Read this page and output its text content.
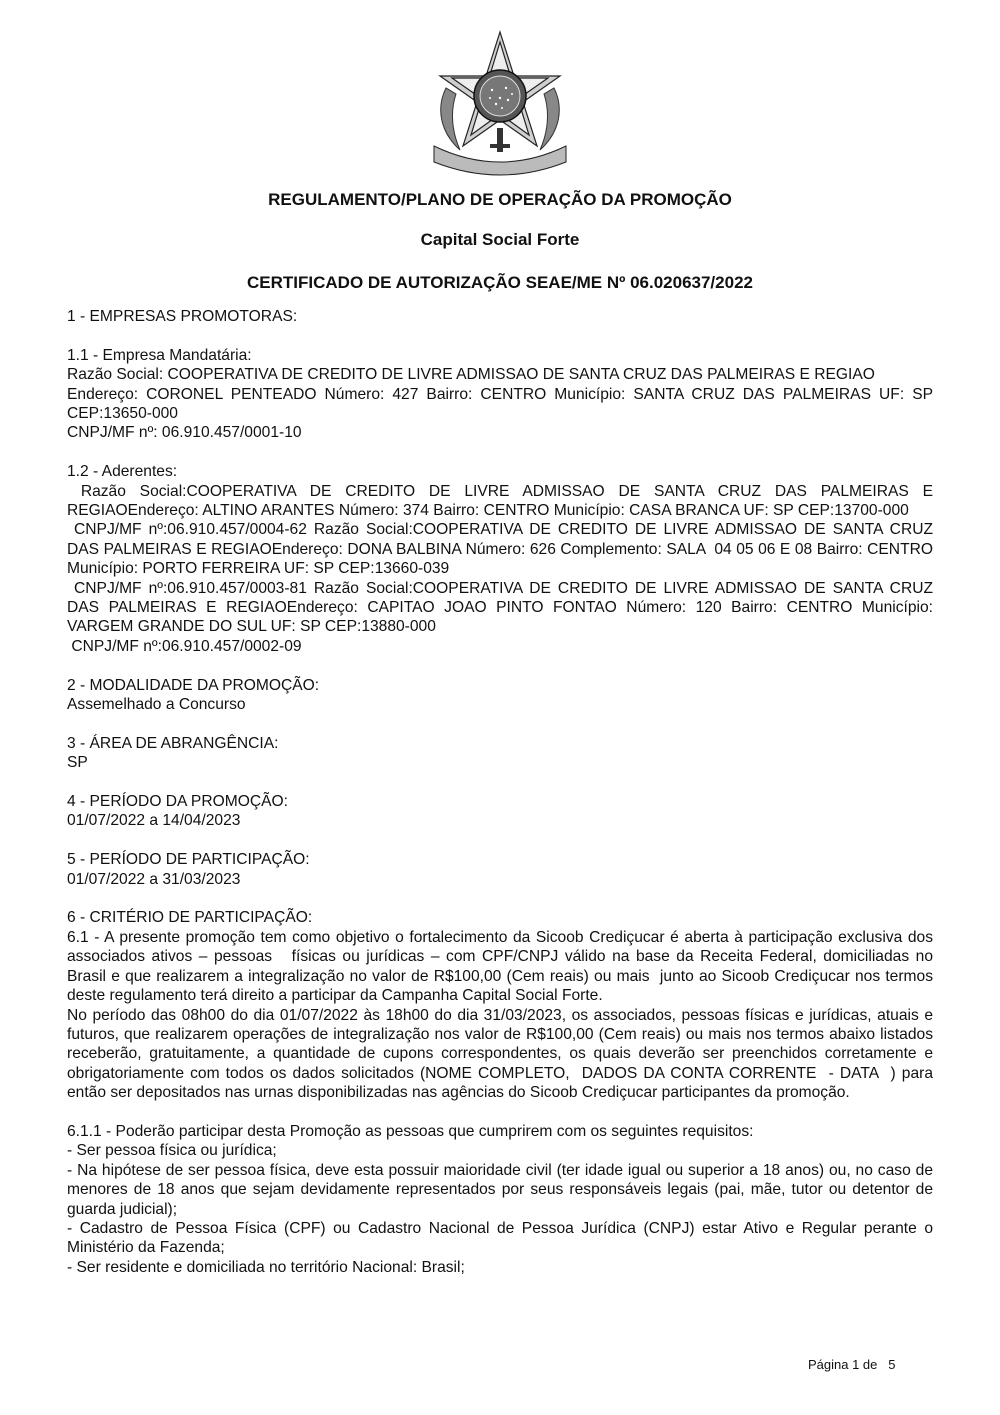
REGULAMENTO/PLANO DE OPERAÇÃO DA PROMOÇÃO
Capital Social Forte
CERTIFICADO DE AUTORIZAÇÃO SEAE/ME Nº 06.020637/2022

1 - EMPRESAS PROMOTORAS:

1.1 - Empresa Mandatária:

Razão Social: COOPERATIVA DE CREDITO DE LIVRE ADMISSAO DE SANTA CRUZ DAS PALMEIRAS E REGIAO

Endereço: CORONEL PENTEADO Número: 427 Bairro: CENTRO Município: SANTA CRUZ DAS PALMEIRAS UF: SP CEP:13650-000

CNPJ/MF nº: 06.910.457/0001-10

1.2 - Aderentes:

Razão Social:COOPERATIVA DE CREDITO DE LIVRE ADMISSAO DE SANTA CRUZ DAS PALMEIRAS E REGIAOEndereço: ALTINO ARANTES Número: 374 Bairro: CENTRO Município: CASA BRANCA UF: SP CEP:13700-000

CNPJ/MF nº:06.910.457/0004-62 Razão Social:COOPERATIVA DE CREDITO DE LIVRE ADMISSAO DE SANTA CRUZ DAS PALMEIRAS E REGIAOEndereço: DONA BALBINA Número: 626 Complemento: SALA  04 05 06 E 08 Bairro: CENTRO Município: PORTO FERREIRA UF: SP CEP:13660-039

CNPJ/MF nº:06.910.457/0003-81 Razão Social:COOPERATIVA DE CREDITO DE LIVRE ADMISSAO DE SANTA CRUZ DAS PALMEIRAS E REGIAOEndereço: CAPITAO JOAO PINTO FONTAO Número: 120 Bairro: CENTRO Município: VARGEM GRANDE DO SUL UF: SP CEP:13880-000

CNPJ/MF nº:06.910.457/0002-09

2 - MODALIDADE DA PROMOÇÃO:

Assemelhado a Concurso

3 - ÁREA DE ABRANGÊNCIA:

SP

4 - PERÍODO DA PROMOÇÃO:

01/07/2022 a 14/04/2023

5 - PERÍODO DE PARTICIPAÇÃO:

01/07/2022 a 31/03/2023

6 - CRITÉRIO DE PARTICIPAÇÃO:

6.1 - A presente promoção tem como objetivo o fortalecimento da Sicoob Crediçucar é aberta à participação exclusiva dos associados ativos – pessoas   físicas ou jurídicas – com CPF/CNPJ válido na base da Receita Federal, domiciliadas no Brasil e que realizarem a integralização no valor de R$100,00 (Cem reais) ou mais  junto ao Sicoob Crediçucar nos termos deste regulamento terá direito a participar da Campanha Capital Social Forte.

No período das 08h00 do dia 01/07/2022 às 18h00 do dia 31/03/2023, os associados, pessoas físicas e jurídicas, atuais e futuros, que realizarem operações de integralização nos valor de R$100,00 (Cem reais) ou mais nos termos abaixo listados receberão, gratuitamente, a quantidade de cupons correspondentes, os quais deverão ser preenchidos corretamente e obrigatoriamente com todos os dados solicitados (NOME COMPLETO,  DADOS DA CONTA CORRENTE  - DATA  ) para então ser depositados nas urnas disponibilizadas nas agências do Sicoob Crediçucar participantes da promoção.

6.1.1 - Poderão participar desta Promoção as pessoas que cumprirem com os seguintes requisitos:

- Ser pessoa física ou jurídica;

- Na hipótese de ser pessoa física, deve esta possuir maioridade civil (ter idade igual ou superior a 18 anos) ou, no caso de menores de 18 anos que sejam devidamente representados por seus responsáveis legais (pai, mãe, tutor ou detentor de guarda judicial);

- Cadastro de Pessoa Física (CPF) ou Cadastro Nacional de Pessoa Jurídica (CNPJ) estar Ativo e Regular perante o Ministério da Fazenda;

- Ser residente e domiciliada no território Nacional: Brasil;

Página 1 de 5
